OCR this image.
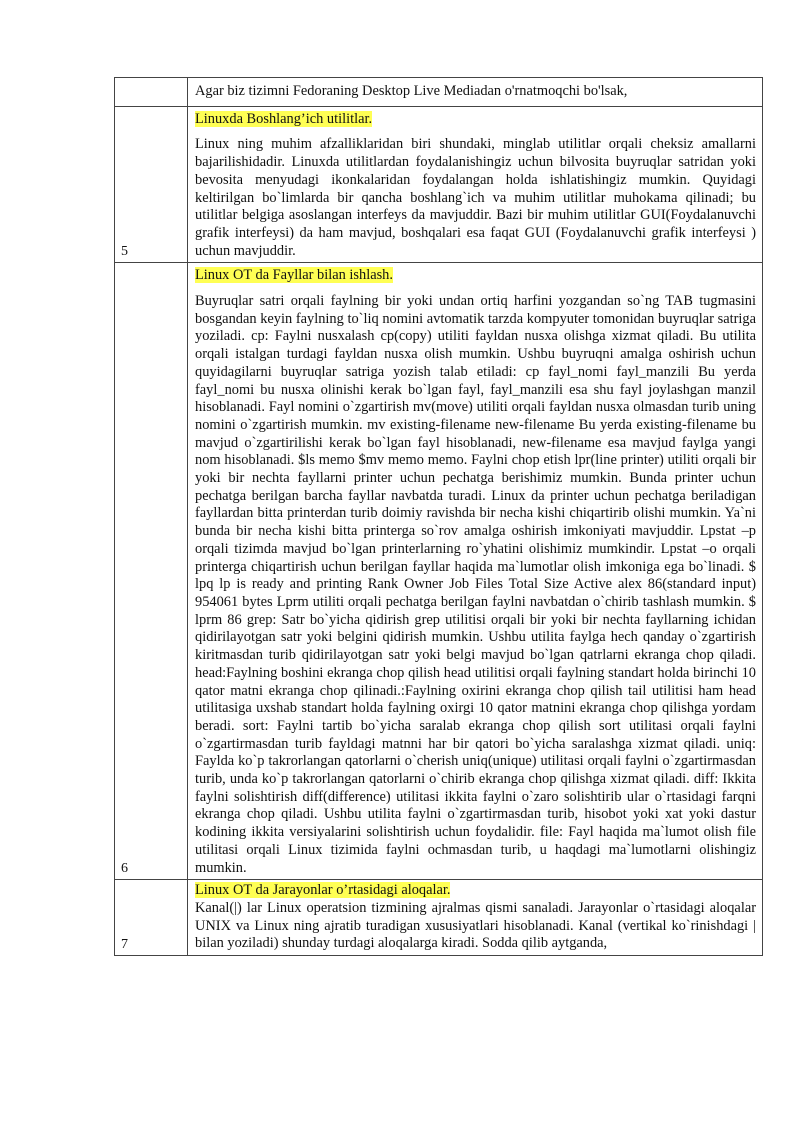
	Agar biz tizimni Fedoraning Desktop Live Mediadan o'rnatmoqchi bo'lsak,

5	Linuxda Boshlang’ich utilitlar.

Linux ning muhim afzalliklaridan biri shundaki, minglab utilitlar orqali cheksiz amallarni bajarilishidadir. Linuxda utilitlardan foydalanishingiz uchun bilvosita buyruqlar satridan yoki bevosita menyudagi ikonkalaridan foydalangan holda ishlatishingiz mumkin. Quyidagi keltirilgan bo`limlarda bir qancha boshlang`ich va muhim utilitlar muhokama qilinadi; bu utilitlar belgiga asoslangan interfeys da mavjuddir. Bazi bir muhim utilitlar GUI(Foydalanuvchi grafik interfeysi) da ham mavjud, boshqalari esa faqat GUI (Foydalanuvchi grafik interfeysi ) uchun mavjuddir.

6	Linux OT da Fayllar bilan ishlash.

Buyruqlar satri orqali faylning bir yoki undan ortiq harfini yozgandan so`ng TAB tugmasini bosgandan keyin faylning to`liq nomini avtomatik tarzda kompyuter tomonidan buyruqlar satriga yoziladi. cp: Faylni nusxalash cp(copy) utiliti fayldan nusxa olishga xizmat qiladi. Bu utilita orqali istalgan turdagi fayldan nusxa olish mumkin. Ushbu buyruqni amalga oshirish uchun quyidagilarni buyruqlar satriga yozish talab etiladi: cp fayl_nomi fayl_manzili Bu yerda fayl_nomi bu nusxa olinishi kerak bo`lgan fayl, fayl_manzili esa shu fayl joylashgan manzil hisoblanadi. Fayl nomini o`zgartirish mv(move) utiliti orqali fayldan nusxa olmasdan turib uning nomini o`zgartirish mumkin. mv existing-filename new-filename Bu yerda existing-filename bu mavjud o`zgartirilishi kerak bo`lgan fayl hisoblanadi, new-filename esa mavjud faylga yangi nom hisoblanadi. $ls memo $mv memo memo. Faylni chop etish lpr(line printer) utiliti orqali bir yoki bir nechta fayllarni printer uchun pechatga berishimiz mumkin. Bunda printer uchun pechatga berilgan barcha fayllar navbatda turadi. Linux da printer uchun pechatga beriladigan fayllardan bitta printerdan turib doimiy ravishda bir necha kishi chiqartirib olishi mumkin. Ya`ni bunda bir necha kishi bitta printerga so`rov amalga oshirish imkoniyati mavjuddir. Lpstat –p orqali tizimda mavjud bo`lgan printerlarning ro`yhatini olishimiz mumkindir. Lpstat –o orqali printerga chiqartirish uchun berilgan fayllar haqida ma`lumotlar olish imkoniga ega bo`linadi. $ lpq lp is ready and printing Rank Owner Job Files Total Size Active alex 86(standard input) 954061 bytes Lprm utiliti orqali pechatga berilgan faylni navbatdan o`chirib tashlash mumkin. $ lprm 86 grep: Satr bo`yicha qidirish grep utilitisi orqali bir yoki bir nechta fayllarning ichidan qidirilayotgan satr yoki belgini qidirish mumkin. Ushbu utilita faylga hech qanday o`zgartirish kiritmasdan turib qidirilayotgan satr yoki belgi mavjud bo`lgan qatrlarni ekranga chop qiladi. head:Faylning boshini ekranga chop qilish head utilitisi orqali faylning standart holda birinchi 10 qator matni ekranga chop qilinadi.:Faylning oxirini ekranga chop qilish tail utilitisi ham head utilitasiga uxshab standart holda faylning oxirgi 10 qator matnini ekranga chop qilishga yordam beradi. sort: Faylni tartib bo`yicha saralab ekranga chop qilish sort utilitasi orqali faylni o`zgartirmasdan turib fayldagi matnni har bir qatori bo`yicha saralashga xizmat qiladi. uniq: Faylda ko`p takrorlangan qatorlarni o`cherish uniq(unique) utilitasi orqali faylni o`zgartirmasdan turib, unda ko`p takrorlangan qatorlarni o`chirib ekranga chop qilishga xizmat qiladi. diff: Ikkita faylni solishtirish diff(difference) utilitasi ikkita faylni o`zaro solishtirib ular o`rtasidagi farqni ekranga chop qiladi. Ushbu utilita faylni o`zgartirmasdan turib, hisobot yoki xat yoki dastur kodining ikkita versiyalarini solishtirish uchun foydalidir. file: Fayl haqida ma`lumot olish file utilitasi orqali Linux tizimida faylni ochmasdan turib, u haqdagi ma`lumotlarni olishingiz mumkin.

7	Linux OT da Jarayonlar o’rtasidagi aloqalar.

Kanal(|) lar Linux operatsion tizmining ajralmas qismi sanaladi. Jarayonlar o`rtasidagi aloqalar UNIX va Linux ning ajratib turadigan xususiyatlari hisoblanadi. Kanal (vertikal ko`rinishdagi | bilan yoziladi) shunday turdagi aloqalarga kiradi. Sodda qilib aytganda,
